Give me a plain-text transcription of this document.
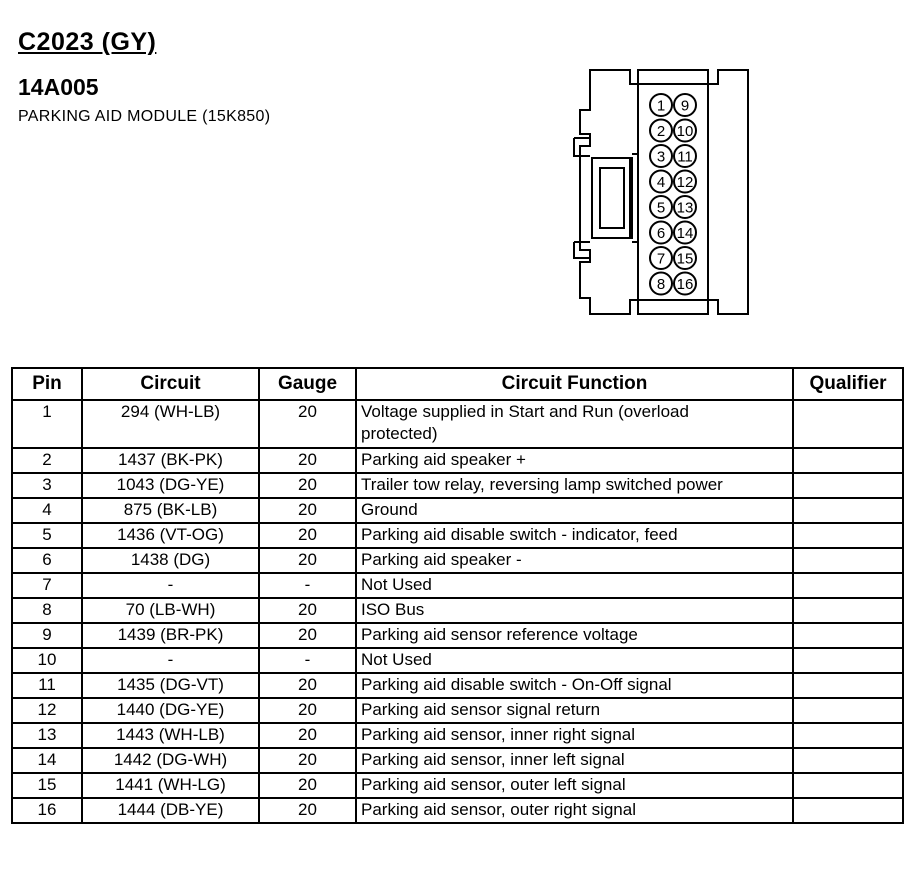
C2023 (GY)
14A005
PARKING AID MODULE (15K850)
1
2
3
4
5
6
7
8
9
10
11
12
13
14
15
16
Pin	Circuit	Gauge	Circuit Function	Qualifier
1	294 (WH-LB)	20	Voltage supplied in Start and Run (overload
protected)	
2	1437 (BK-PK)	20	Parking aid speaker +	
3	1043 (DG-YE)	20	Trailer tow relay, reversing lamp switched power	
4	875 (BK-LB)	20	Ground	
5	1436 (VT-OG)	20	Parking aid disable switch - indicator, feed	
6	1438 (DG)	20	Parking aid speaker -	
7	-	-	Not Used	
8	70 (LB-WH)	20	ISO Bus	
9	1439 (BR-PK)	20	Parking aid sensor reference voltage	
10	-	-	Not Used	
11	1435 (DG-VT)	20	Parking aid disable switch - On-Off signal	
12	1440 (DG-YE)	20	Parking aid sensor signal return	
13	1443 (WH-LB)	20	Parking aid sensor, inner right signal	
14	1442 (DG-WH)	20	Parking aid sensor, inner left signal	
15	1441 (WH-LG)	20	Parking aid sensor, outer left signal	
16	1444 (DB-YE)	20	Parking aid sensor, outer right signal	
